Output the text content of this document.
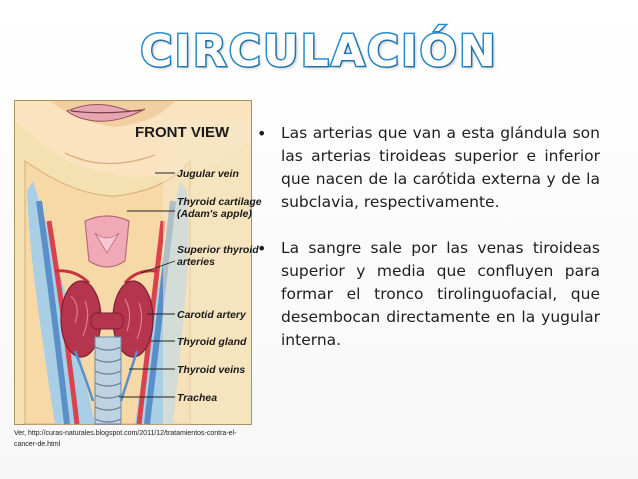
CIRCULACIÓN
FRONT VIEW
Jugular vein
Thyroid cartilage
(Adam's apple)
Superior thyroid
arteries
Carotid artery
Thyroid gland
Thyroid veins
Trachea
Ver, http://curas-naturales.blogspot.com/2011/12/tratamientos-contra-el-cancer-de.html
• Las arterias que van a esta glándula son las arterias tiroideas superior e inferior que nacen de la carótida externa y de la subclavia, respectivamente.
• La sangre sale por las venas tiroideas superior y media que confluyen para formar el tronco tirolinguofacial, que desembocan directamente en la yugular interna.
